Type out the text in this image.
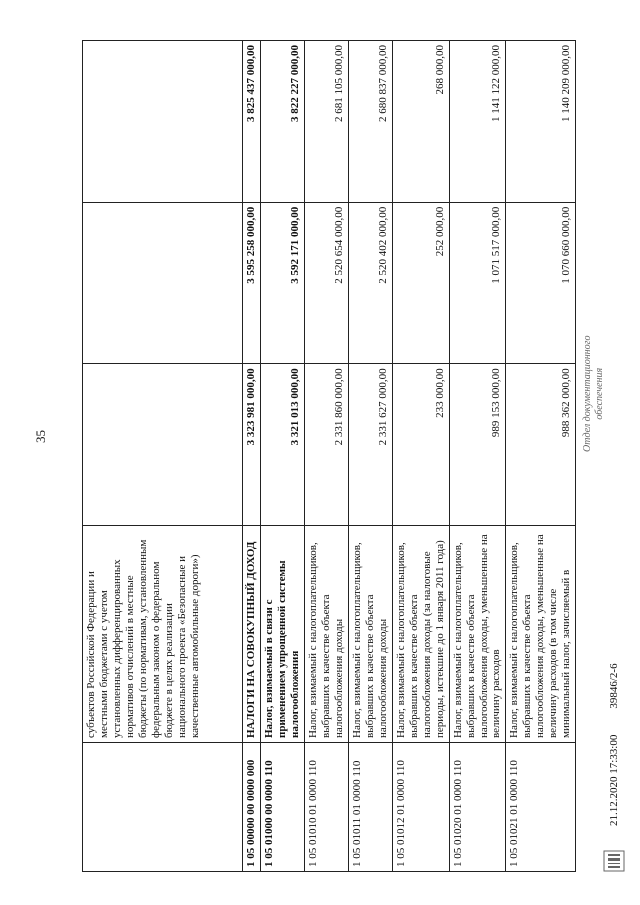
35
	субъектов Российской Федерации и местными бюджетами с учетом установленных дифференцированных нормативов отчислений в местные бюджеты (по нормативам, установленным федеральным законом о федеральном бюджете в целях реализации национального проекта «Безопасные и качественные автомобильные дороги»)			
1 05 00000 00 0000 000	НАЛОГИ НА СОВОКУПНЫЙ ДОХОД	3 323 981 000,00	3 595 258 000,00	3 825 437 000,00
1 05 01000 00 0000 110	Налог, взимаемый в связи с применением упрощенной системы налогообложения	3 321 013 000,00	3 592 171 000,00	3 822 227 000,00
1 05 01010 01 0000 110	Налог, взимаемый с налогоплательщиков, выбравших в качестве объекта налогообложения доходы	2 331 860 000,00	2 520 654 000,00	2 681 105 000,00
1 05 01011 01 0000 110	Налог, взимаемый с налогоплательщиков, выбравших в качестве объекта налогообложения доходы	2 331 627 000,00	2 520 402 000,00	2 680 837 000,00
1 05 01012 01 0000 110	Налог, взимаемый с налогоплательщиков, выбравших в качестве объекта налогообложения доходы (за налоговые периоды, истекшие до 1 января 2011 года)	233 000,00	252 000,00	268 000,00
1 05 01020 01 0000 110	Налог, взимаемый с налогоплательщиков, выбравших в качестве объекта налогообложения доходы, уменьшенные на величину расходов	989 153 000,00	1 071 517 000,00	1 141 122 000,00
1 05 01021 01 0000 110	Налог, взимаемый с налогоплательщиков, выбравших в качестве объекта налогообложения доходы, уменьшенные на величину расходов (в том числе минимальный налог, зачисляемый в	988 362 000,00	1 070 660 000,00	1 140 209 000,00
21.12.2020 17:33:00
39846/2-6
Отдел документационного обеспечения
